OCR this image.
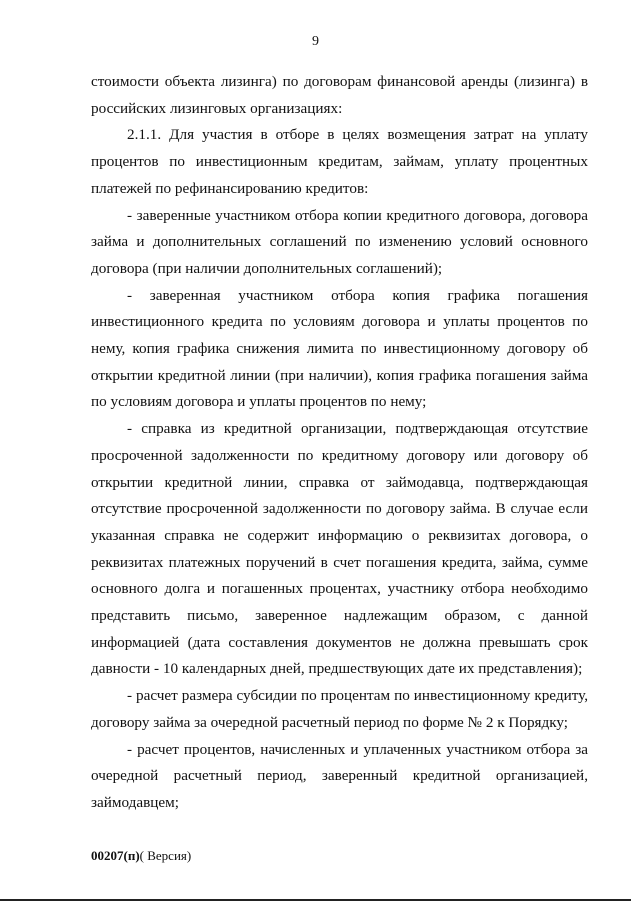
9

стоимости объекта лизинга) по договорам финансовой аренды (лизинга) в российских лизинговых организациях:

2.1.1. Для участия в отборе в целях возмещения затрат на уплату процентов по инвестиционным кредитам, займам, уплату процентных платежей по рефинансированию кредитов:

- заверенные участником отбора копии кредитного договора, договора займа и дополнительных соглашений по изменению условий основного договора (при наличии дополнительных соглашений);

- заверенная участником отбора копия графика погашения инвестиционного кредита по условиям договора и уплаты процентов по нему, копия графика снижения лимита по инвестиционному договору об открытии кредитной линии (при наличии), копия графика погашения займа по условиям договора и уплаты процентов по нему;

- справка из кредитной организации, подтверждающая отсутствие просроченной задолженности по кредитному договору или договору об открытии кредитной линии, справка от займодавца, подтверждающая отсутствие просроченной задолженности по договору займа. В случае если указанная справка не содержит информацию о реквизитах договора, о реквизитах платежных поручений в счет погашения кредита, займа, сумме основного долга и погашенных процентах, участнику отбора необходимо представить письмо, заверенное надлежащим образом, с данной информацией (дата составления документов не должна превышать срок давности - 10 календарных дней, предшествующих дате их представления);

- расчет размера субсидии по процентам по инвестиционному кредиту, договору займа за очередной расчетный период по форме № 2 к Порядку;

- расчет процентов, начисленных и уплаченных участником отбора за очередной расчетный период, заверенный кредитной организацией, займодавцем;

00207(п)( Версия)
